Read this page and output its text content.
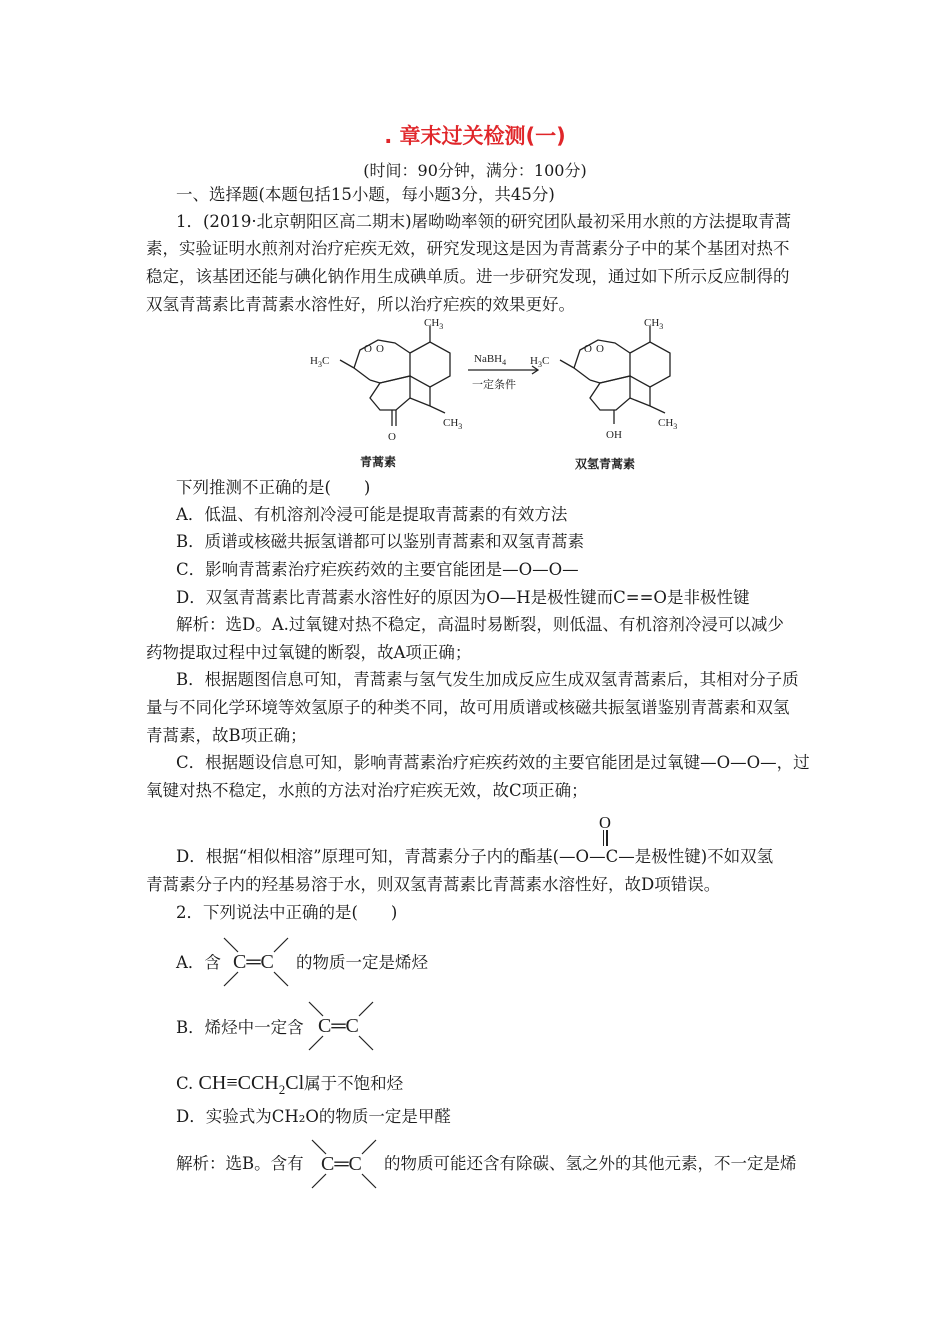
. 章末过关检测(一)
(时间：90分钟，满分：100分)
一、选择题(本题包括15小题，每小题3分，共45分)
1．(2019·北京朝阳区高二期末)屠呦呦率领的研究团队最初采用水煎的方法提取青蒿
素，实验证明水煎剂对治疗疟疾无效，研究发现这是因为青蒿素分子中的某个基团对热不
稳定，该基团还能与碘化钠作用生成碘单质。进一步研究发现，通过如下所示反应制得的
双氢青蒿素比青蒿素水溶性好，所以治疗疟疾的效果更好。
$CH_3$
$H_3C$
$CH_3$
O O
O
NaBH$_4$
$CH_3$
$H_3C$
$CH_3$
O O
OH
一定条件
青蒿素	双氢青蒿素
下列推测不正确的是(　　)
A．低温、有机溶剂冷浸可能是提取青蒿素的有效方法
B．质谱或核磁共振氢谱都可以鉴别青蒿素和双氢青蒿素
C．影响青蒿素治疗疟疾药效的主要官能团是—O—O—
D．双氢青蒿素比青蒿素水溶性好的原因为O—H是极性键而C==O是非极性键
解析：选D。A.过氧键对热不稳定，高温时易断裂，则低温、有机溶剂冷浸可以减少
药物提取过程中过氧键的断裂，故A项正确；
B．根据题图信息可知，青蒿素与氢气发生加成反应生成双氢青蒿素后，其相对分子质
量与不同化学环境等效氢原子的种类不同，故可用质谱或核磁共振氢谱鉴别青蒿素和双氢
青蒿素，故B项正确；
C．根据题设信息可知，影响青蒿素治疗疟疾药效的主要官能团是过氧键—O—O—，过
氧键对热不稳定，水煎的方法对治疗疟疾无效，故C项正确；
D．根据“相似相溶”原理可知，青蒿素分子内的酯基(
O
—O—C—是极性键)不如双氢
青蒿素分子内的羟基易溶于水，则双氢青蒿素比青蒿素水溶性好，故D项错误。
2．下列说法中正确的是(　　)
A．含 C═C 的物质一定是烯烃
B．烯烃中一定含 C═C
C. $CH\equiv CCH_2Cl$属于不饱和烃
D．实验式为CH₂O的物质一定是甲醛
解析：选B。含有 C═C 的物质可能还含有除碳、氢之外的其他元素，不一定是烯
